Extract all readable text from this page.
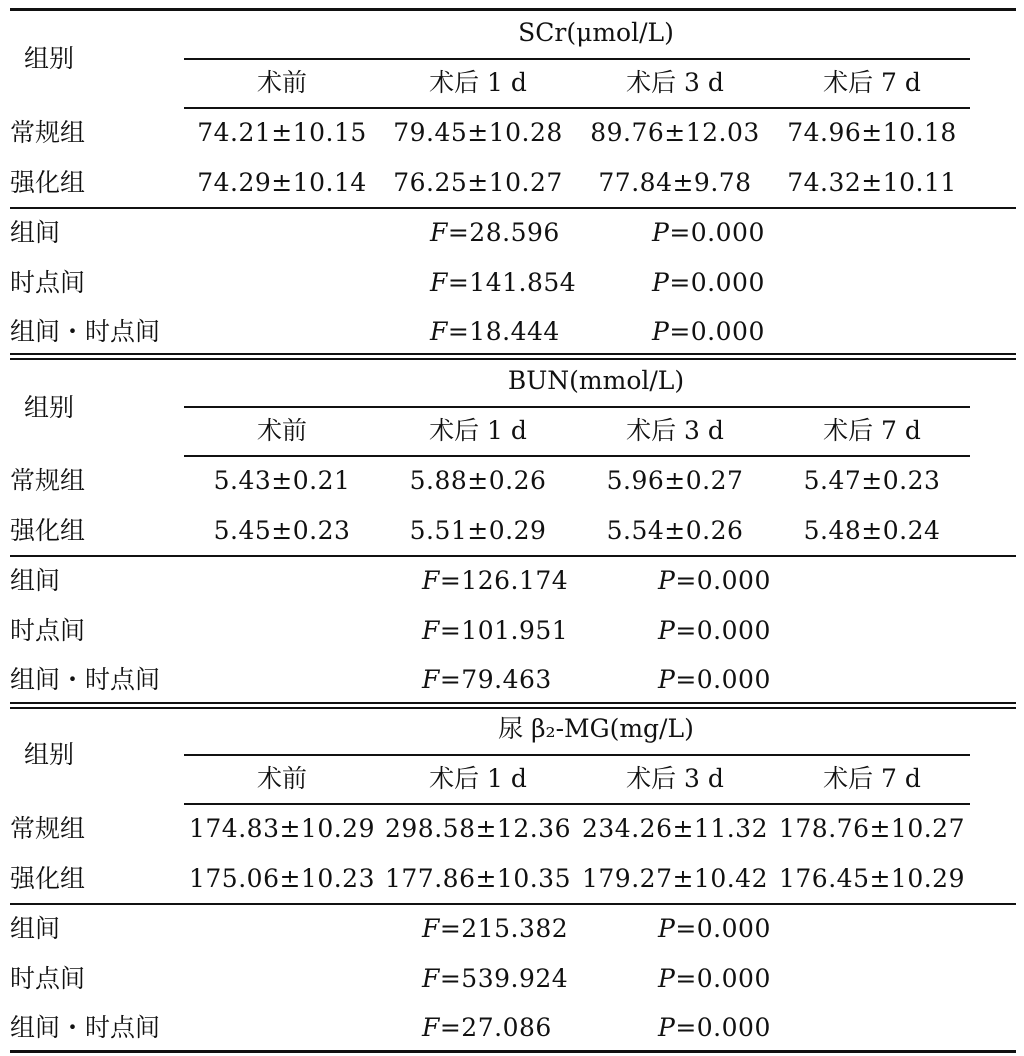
SCr(μmol/L)
组别
术前	术后 1 d	术后 3 d	术后 7 d
常规组	74.21±10.15 79.45±10.28 89.76±12.03 74.96±10.18
强化组	74.29±10.14 76.25±10.27 77.84±9.78 74.32±10.11
组间	F=28.596	P=0.000
时点间	F=141.854	P=0.000
组间・时点间	F=18.444	P=0.000
BUN(mmol/L)
组别
术前	术后 1 d	术后 3 d	术后 7 d
常规组	5.43±0.21 5.88±0.26 5.96±0.27 5.47±0.23
强化组	5.45±0.23 5.51±0.29 5.54±0.26 5.48±0.24
组间	F=126.174	P=0.000
时点间	F=101.951	P=0.000
组间・时点间	F=79.463	P=0.000
尿 β₂-MG(mg/L)
组别
术前	术后 1 d	术后 3 d	术后 7 d
常规组	174.83±10.29 298.58±12.36 234.26±11.32 178.76±10.27
强化组	175.06±10.23 177.86±10.35 179.27±10.42 176.45±10.29
组间	F=215.382	P=0.000
时点间	F=539.924	P=0.000
组间・时点间	F=27.086	P=0.000
